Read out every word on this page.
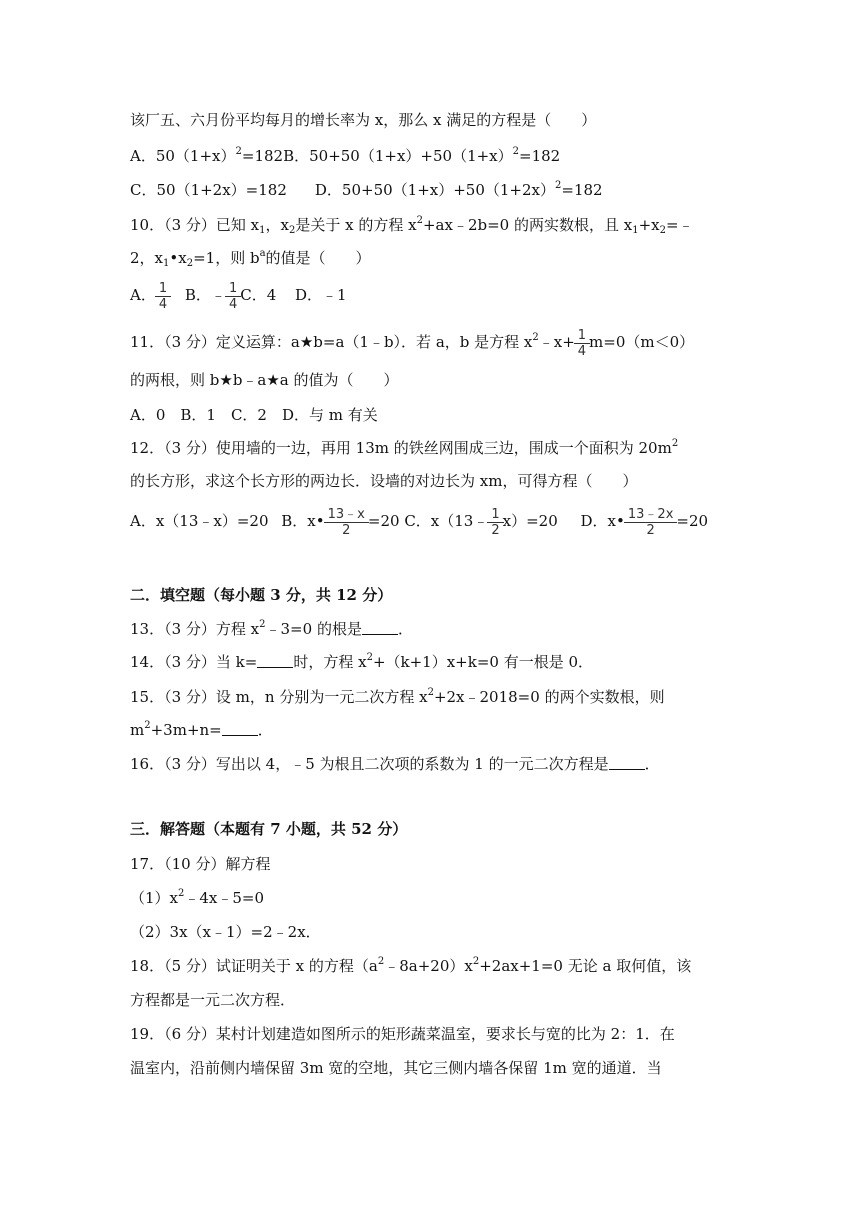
该厂五、六月份平均每月的增长率为 x，那么 x 满足的方程是（　　）
A．$50(1+x)^2=182B$．$50+50(1+x)+50(1+x)^2=182$
C．50（1+2x）=182 D．$50+50(1+x)+50(1+2x)^2=182$
10．（3 分）已知 $x_1$，$x_2$是关于 x 的方程 $x^2+ax﹣2b=0$ 的两实数根，且 $x_1+x_2=﹣$
2，$x_1•x_2=1$，则 $b^a$的值是（　　）
A． $\frac{1}{4}$ B．﹣ $\frac{1}{4}$ C．4 D．﹣1
11．（3 分）定义运算：a★b=a（1﹣b）．若 a，b 是方程 $x^2﹣x+ \frac{1}{4} m=0(m<0)$
的两根，则 b★b﹣a★a 的值为（　　）
A．0　B．1　C．2　D．与 m 有关
12．（3 分）使用墙的一边，再用 13m 的铁丝网围成三边，围成一个面积为 $20m^2$
的长方形，求这个长方形的两边长．设墙的对边长为 xm，可得方程（　　）
A．x（13﹣x）=20 B．x• $\frac{13﹣x}{2} =20$ C．x（13﹣ $\frac{1}{2} x)=20$ D．x• $\frac{13﹣2x}{2} =20$
二．填空题（每小题 3 分，共 12 分）
13．（3 分）方程 $x^2﹣3=0$ 的根是 ．
14．（3 分）当 k= 时，方程 $x^2+(k+1)x+k=0$ 有一根是 0．
15．（3 分）设 m，n 分别为一元二次方程 $x^2+2x﹣2018=0$ 的两个实数根，则
$m^2+3m+n=$ ．
16．（3 分）写出以 4，﹣5 为根且二次项的系数为 1 的一元二次方程是 ．
三．解答题（本题有 7 小题，共 52 分）
17．（10 分）解方程
$(1)x^2﹣4x﹣5=0$
（2）3x（x﹣1）=2﹣2x．
18．（5 分）试证明关于 x 的方程$(a^2﹣8a+20)x^2+2ax+1=0$ 无论 a 取何值，该
方程都是一元二次方程．
19．（6 分）某村计划建造如图所示的矩形蔬菜温室，要求长与宽的比为 2：1．在
温室内，沿前侧内墙保留 3m 宽的空地，其它三侧内墙各保留 1m 宽的通道．当
